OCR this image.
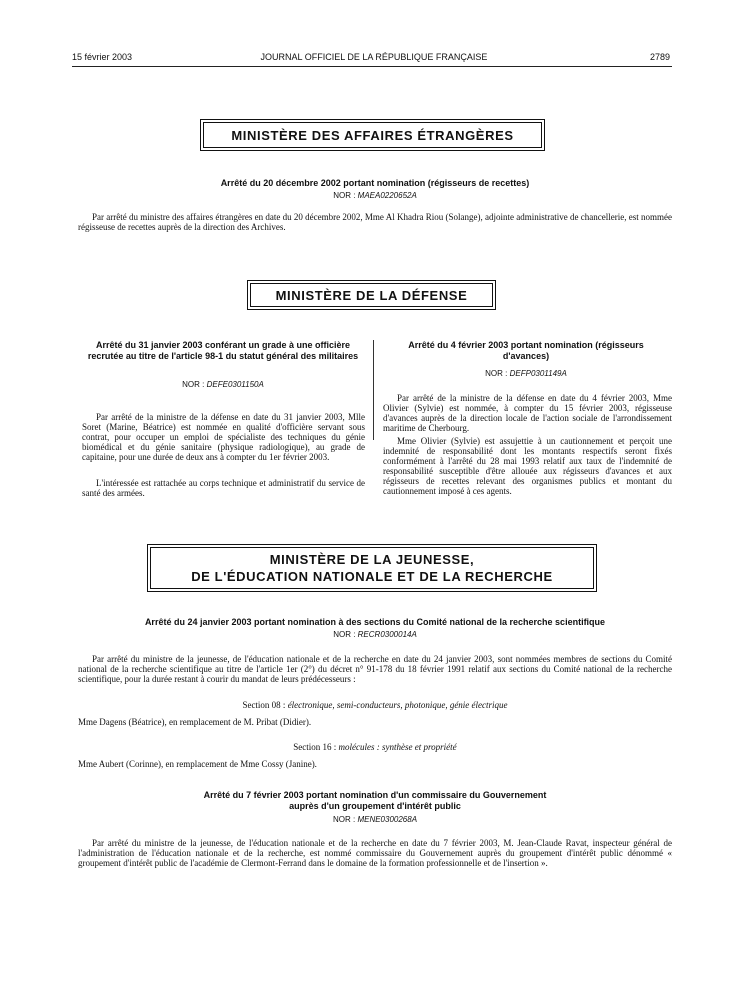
15 février 2003	JOURNAL OFFICIEL DE LA RÉPUBLIQUE FRANÇAISE	2789
MINISTÈRE DES AFFAIRES ÉTRANGÈRES
Arrêté du 20 décembre 2002 portant nomination (régisseurs de recettes)
NOR : MAEA0220652A
Par arrêté du ministre des affaires étrangères en date du 20 décembre 2002, Mme Al Khadra Riou (Solange), adjointe administrative de chancellerie, est nommée régisseuse de recettes auprès de la direction des Archives.
MINISTÈRE DE LA DÉFENSE
Arrêté du 31 janvier 2003 conférant un grade à une officière recrutée au titre de l'article 98-1 du statut général des militaires
NOR : DEFE0301150A
Par arrêté de la ministre de la défense en date du 31 janvier 2003, Mlle Soret (Marine, Béatrice) est nommée en qualité d'officière servant sous contrat, pour occuper un emploi de spécialiste des techniques du génie biomédical et du génie sanitaire (physique radiologique), au grade de capitaine, pour une durée de deux ans à compter du 1er février 2003.
L'intéressée est rattachée au corps technique et administratif du service de santé des armées.
Arrêté du 4 février 2003 portant nomination (régisseurs d'avances)
NOR : DEFP0301149A
Par arrêté de la ministre de la défense en date du 4 février 2003, Mme Olivier (Sylvie) est nommée, à compter du 15 février 2003, régisseuse d'avances auprès de la direction locale de l'action sociale de l'arrondissement maritime de Cherbourg.
Mme Olivier (Sylvie) est assujettie à un cautionnement et perçoit une indemnité de responsabilité dont les montants respectifs seront fixés conformément à l'arrêté du 28 mai 1993 relatif aux taux de l'indemnité de responsabilité susceptible d'être allouée aux régisseurs d'avances et aux régisseurs de recettes relevant des organismes publics et montant du cautionnement imposé à ces agents.
MINISTÈRE DE LA JEUNESSE,
DE L'ÉDUCATION NATIONALE ET DE LA RECHERCHE
Arrêté du 24 janvier 2003 portant nomination à des sections du Comité national de la recherche scientifique
NOR : RECR0300014A
Par arrêté du ministre de la jeunesse, de l'éducation nationale et de la recherche en date du 24 janvier 2003, sont nommées membres de sections du Comité national de la recherche scientifique au titre de l'article 1er (2°) du décret n° 91-178 du 18 février 1991 relatif aux sections du Comité national de la recherche scientifique, pour la durée restant à courir du mandat de leurs prédécesseurs :
Section 08 : électronique, semi-conducteurs, photonique, génie électrique
Mme Dagens (Béatrice), en remplacement de M. Pribat (Didier).
Section 16 : molécules : synthèse et propriété
Mme Aubert (Corinne), en remplacement de Mme Cossy (Janine).
Arrêté du 7 février 2003 portant nomination d'un commissaire du Gouvernement
auprès d'un groupement d'intérêt public
NOR : MENE0300268A
Par arrêté du ministre de la jeunesse, de l'éducation nationale et de la recherche en date du 7 février 2003, M. Jean-Claude Ravat, inspecteur général de l'administration de l'éducation nationale et de la recherche, est nommé commissaire du Gouvernement auprès du groupement d'intérêt public dénommé « groupement d'intérêt public de l'académie de Clermont-Ferrand dans le domaine de la formation professionnelle et de l'insertion ».
